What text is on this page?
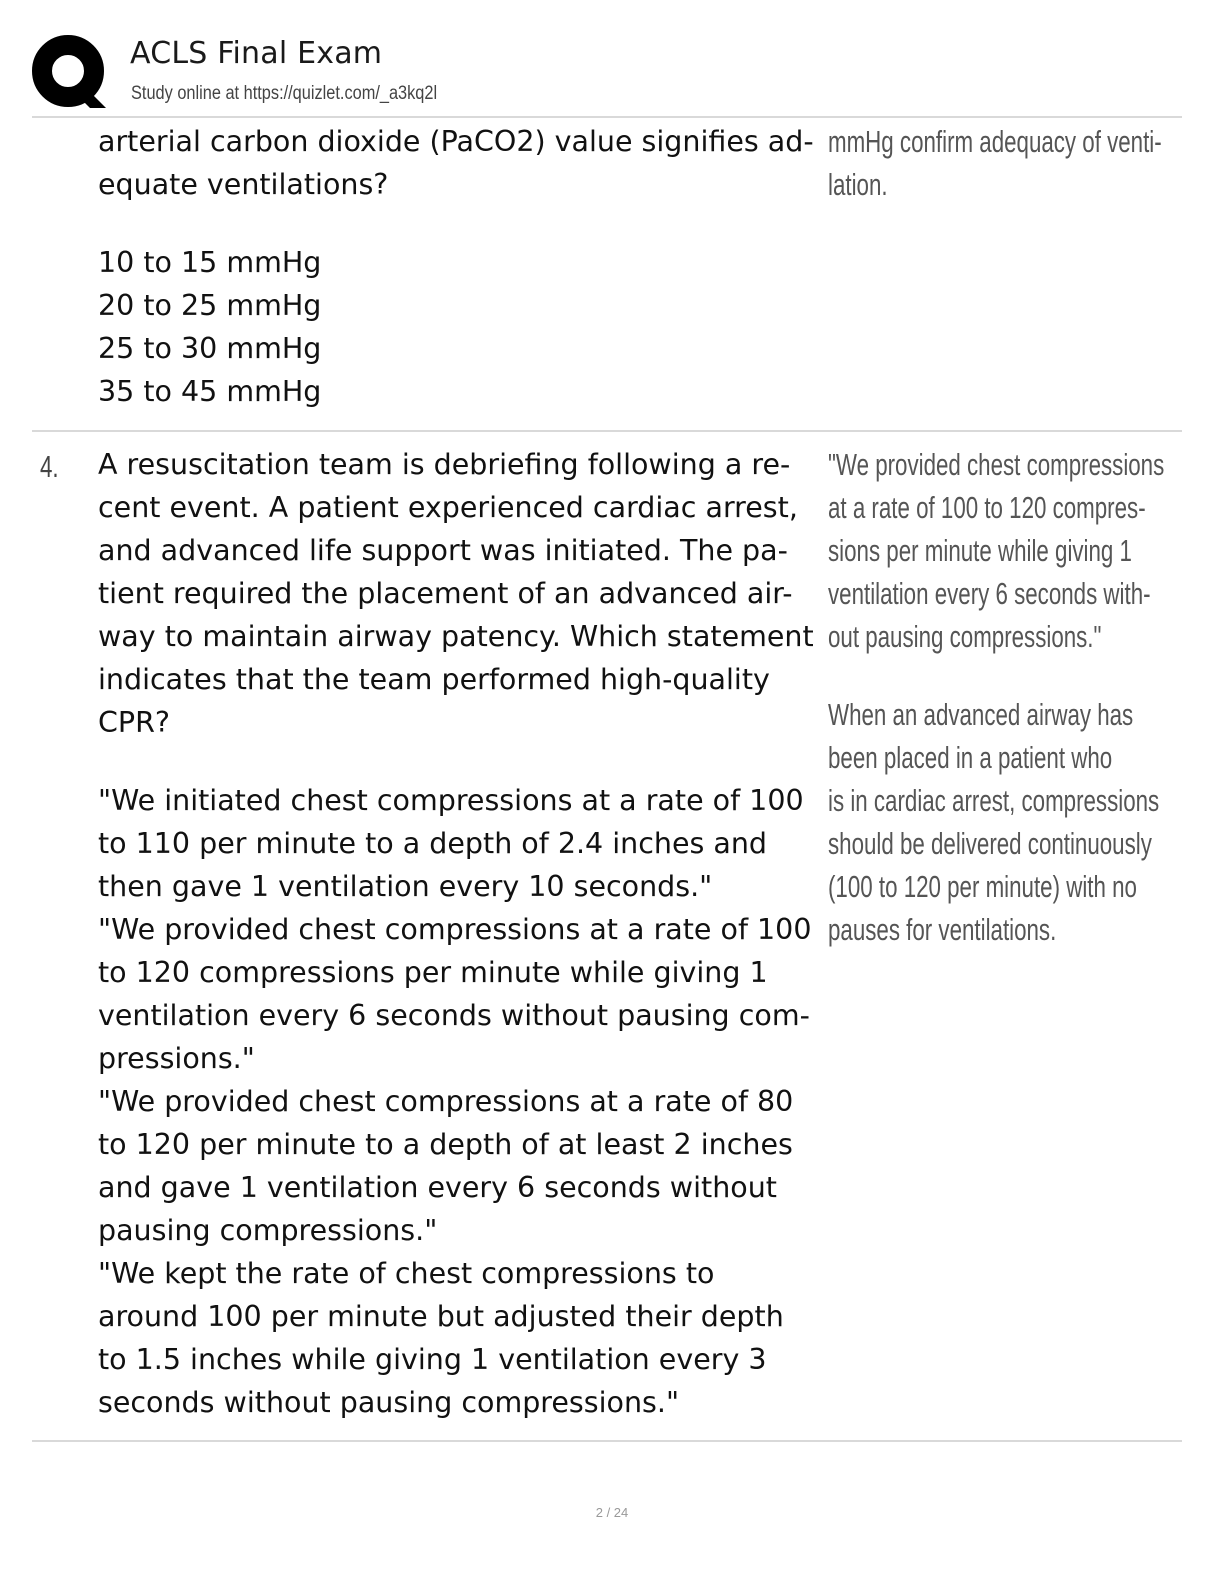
ACLS Final Exam
Study online at https://quizlet.com/_a3kq2l

arterial carbon dioxide (PaCO2) value signifies ad-

equate ventilations?

10 to 15 mmHg

20 to 25 mmHg

25 to 30 mmHg

35 to 45 mmHg

mmHg confirm adequacy of venti-

lation.

4. A resuscitation team is debriefing following a re-

cent event. A patient experienced cardiac arrest,

and advanced life support was initiated. The pa-

tient required the placement of an advanced air-

way to maintain airway patency. Which statement

indicates that the team performed high-quality

CPR?

"We initiated chest compressions at a rate of 100

to 110 per minute to a depth of 2.4 inches and

then gave 1 ventilation every 10 seconds."

"We provided chest compressions at a rate of 100

to 120 compressions per minute while giving 1

ventilation every 6 seconds without pausing com-

pressions."

"We provided chest compressions at a rate of 80

to 120 per minute to a depth of at least 2 inches

and gave 1 ventilation every 6 seconds without

pausing compressions."

"We kept the rate of chest compressions to

around 100 per minute but adjusted their depth

to 1.5 inches while giving 1 ventilation every 3

seconds without pausing compressions."

"We provided chest compressions

at a rate of 100 to 120 compres-

sions per minute while giving 1

ventilation every 6 seconds with-

out pausing compressions."

When an advanced airway has

been placed in a patient who

is in cardiac arrest, compressions

should be delivered continuously

(100 to 120 per minute) with no

pauses for ventilations.

2 / 24
